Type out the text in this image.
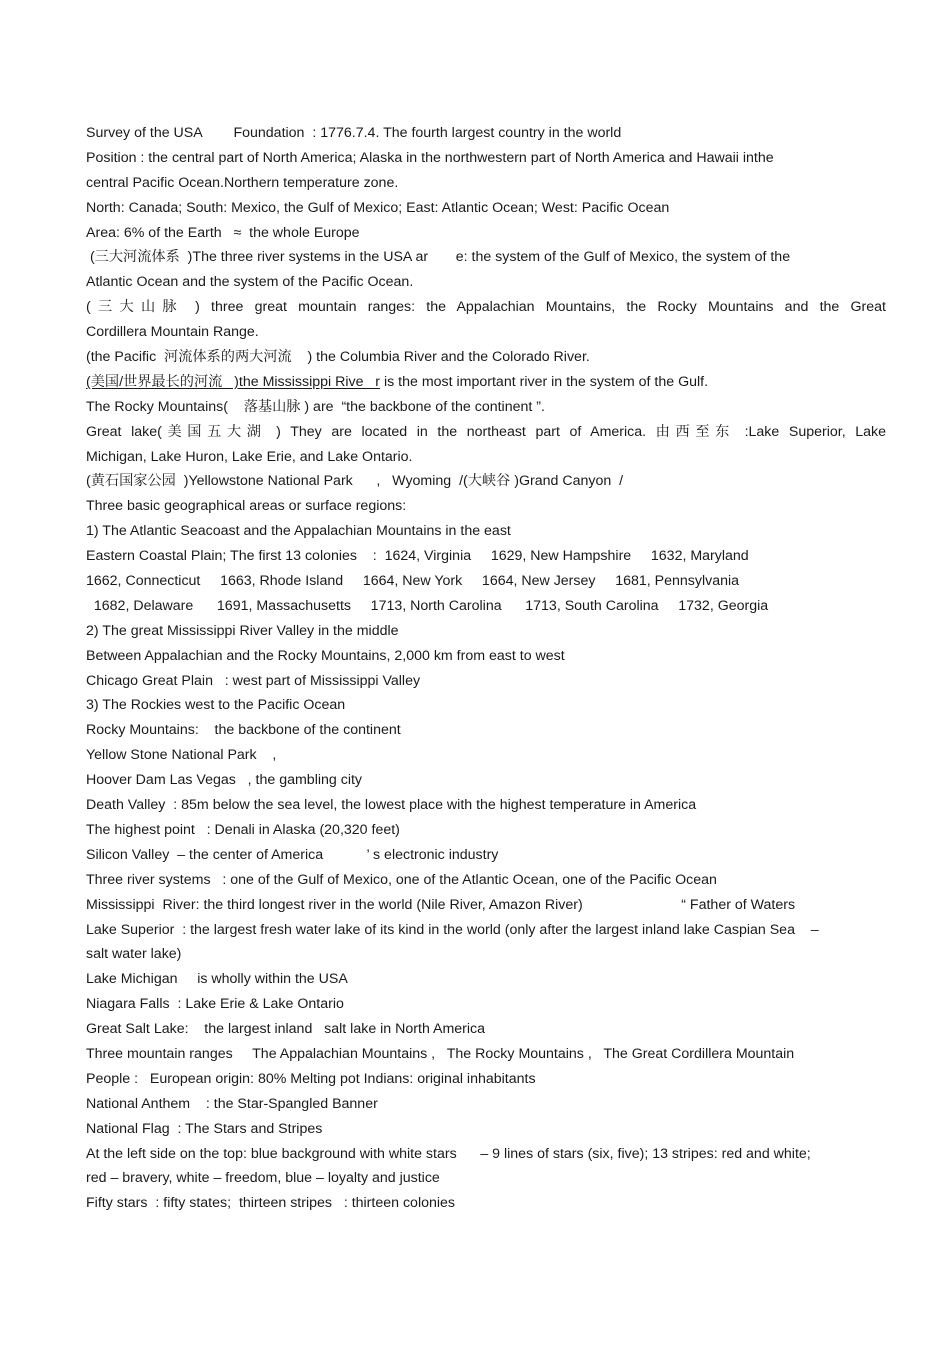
Survey of the USA        Foundation  : 1776.7.4. The fourth largest country in the world
Position : the central part of North America; Alaska in the northwestern part of North America and Hawaii inthe
central Pacific Ocean.Northern temperature zone.
North: Canada; South: Mexico, the Gulf of Mexico; East: Atlantic Ocean; West: Pacific Ocean
Area: 6% of the Earth   ≈  the whole Europe
(三大河流体系  )The three river systems in the USA ar       e: the system of the Gulf of Mexico, the system of the
Atlantic Ocean and the system of the Pacific Ocean.
(三大山脉 ) three great mountain ranges: the Appalachian Mountains, the Rocky Mountains and the Great
Cordillera Mountain Range.
(the Pacific  河流体系的两大河流    ) the Columbia River and the Colorado River.
(美国/世界最长的河流   )the Mississippi Rive   r is the most important river in the system of the Gulf.
The Rocky Mountains(    落基山脉 ) are  “the backbone of the continent ”.
Great lake(美国五大湖 ) They are located in the northeast part of America. 由西至东 :Lake Superior, Lake
Michigan, Lake Huron, Lake Erie, and Lake Ontario.
(黄石国家公园  )Yellowstone National Park      ,   Wyoming  /(大峡谷 )Grand Canyon  /
Three basic geographical areas or surface regions:
1) The Atlantic Seacoast and the Appalachian Mountains in the east
Eastern Coastal Plain; The first 13 colonies    :  1624, Virginia     1629, New Hampshire     1632, Maryland
1662, Connecticut     1663, Rhode Island     1664, New York     1664, New Jersey     1681, Pennsylvania
1682, Delaware      1691, Massachusetts     1713, North Carolina      1713, South Carolina     1732, Georgia
2) The great Mississippi River Valley in the middle
Between Appalachian and the Rocky Mountains, 2,000 km from east to west
Chicago Great Plain   : west part of Mississippi Valley
3) The Rockies west to the Pacific Ocean
Rocky Mountains:    the backbone of the continent
Yellow Stone National Park    ,
Hoover Dam Las Vegas   , the gambling city
Death Valley  : 85m below the sea level, the lowest place with the highest temperature in America
The highest point   : Denali in Alaska (20,320 feet)
Silicon Valley  – the center of America           ’ s electronic industry
Three river systems   : one of the Gulf of Mexico, one of the Atlantic Ocean, one of the Pacific Ocean
Mississippi  River: the third longest river in the world (Nile River, Amazon River)                         “ Father of Waters
Lake Superior  : the largest fresh water lake of its kind in the world (only after the largest inland lake Caspian Sea    –
salt water lake)
Lake Michigan     is wholly within the USA
Niagara Falls  : Lake Erie & Lake Ontario
Great Salt Lake:    the largest inland   salt lake in North America
Three mountain ranges     The Appalachian Mountains ,   The Rocky Mountains ,   The Great Cordillera Mountain
People :   European origin: 80% Melting pot Indians: original inhabitants
National Anthem    : the Star-Spangled Banner
National Flag  : The Stars and Stripes
At the left side on the top: blue background with white stars      – 9 lines of stars (six, five); 13 stripes: red and white;
red – bravery, white – freedom, blue – loyalty and justice
Fifty stars  : fifty states;  thirteen stripes   : thirteen colonies
